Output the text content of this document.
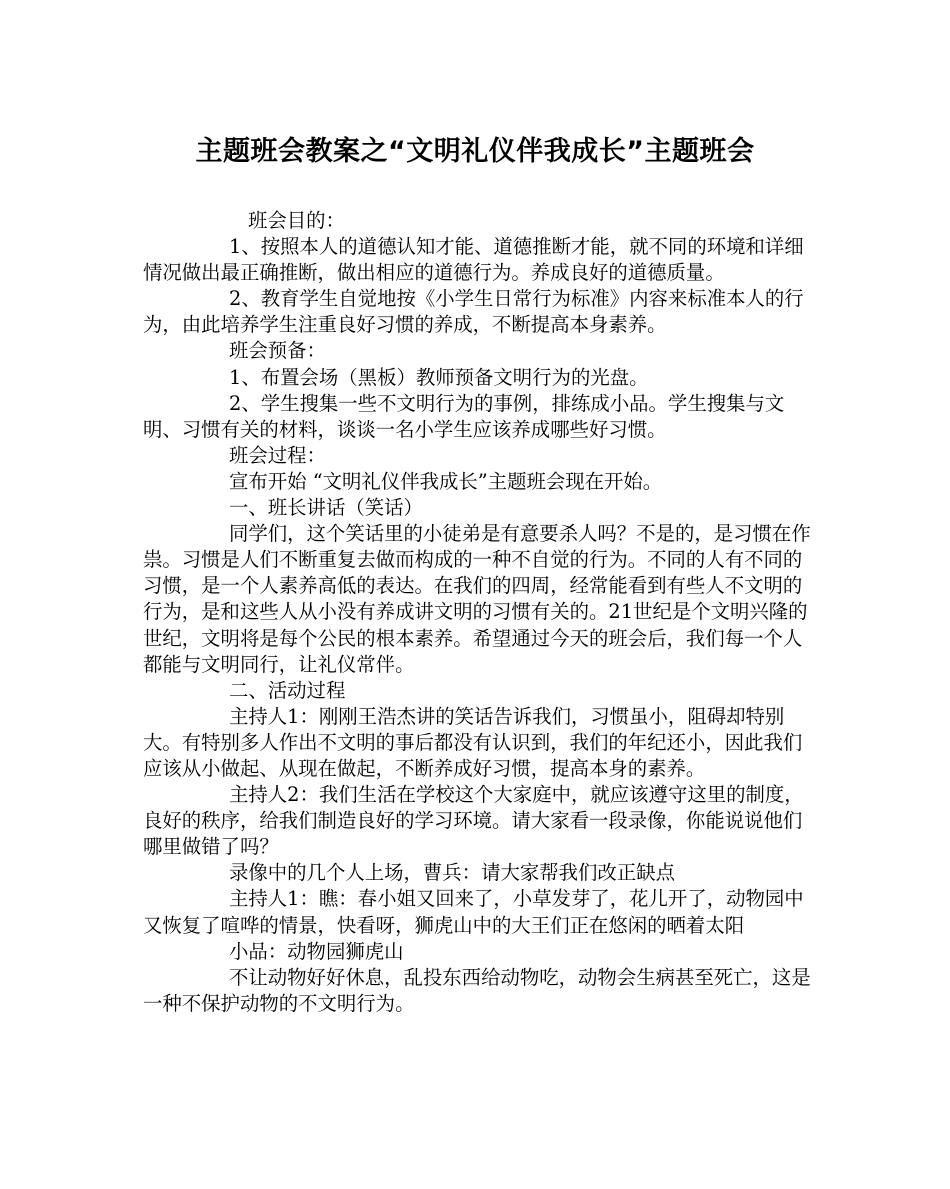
主题班会教案之“文明礼仪伴我成长”主题班会

班会目的：

1、按照本人的道德认知才能、道德推断才能，就不同的环境和详细情况做出最正确推断，做出相应的道德行为。养成良好的道德质量。

2、教育学生自觉地按《小学生日常行为标准》内容来标准本人的行为，由此培养学生注重良好习惯的养成，不断提高本身素养。

班会预备：

1、布置会场（黑板）教师预备文明行为的光盘。

2、学生搜集一些不文明行为的事例，排练成小品。学生搜集与文明、习惯有关的材料，谈谈一名小学生应该养成哪些好习惯。

班会过程：

宣布开始 “文明礼仪伴我成长”主题班会现在开始。

一、班长讲话（笑话）

同学们，这个笑话里的小徒弟是有意要杀人吗？不是的，是习惯在作祟。习惯是人们不断重复去做而构成的一种不自觉的行为。不同的人有不同的习惯，是一个人素养高低的表达。在我们的四周，经常能看到有些人不文明的行为，是和这些人从小没有养成讲文明的习惯有关的。21世纪是个文明兴隆的世纪，文明将是每个公民的根本素养。希望通过今天的班会后，我们每一个人都能与文明同行，让礼仪常伴。

二、活动过程

主持人1：刚刚王浩杰讲的笑话告诉我们，习惯虽小，阻碍却特别大。有特别多人作出不文明的事后都没有认识到，我们的年纪还小，因此我们应该从小做起、从现在做起，不断养成好习惯，提高本身的素养。

主持人2：我们生活在学校这个大家庭中，就应该遵守这里的制度，良好的秩序，给我们制造良好的学习环境。请大家看一段录像，你能说说他们哪里做错了吗？

录像中的几个人上场，曹兵：请大家帮我们改正缺点

主持人1：瞧：春小姐又回来了，小草发芽了，花儿开了，动物园中又恢复了喧哗的情景，快看呀，狮虎山中的大王们正在悠闲的晒着太阳

小品：动物园狮虎山

不让动物好好休息，乱投东西给动物吃，动物会生病甚至死亡，这是一种不保护动物的不文明行为。
